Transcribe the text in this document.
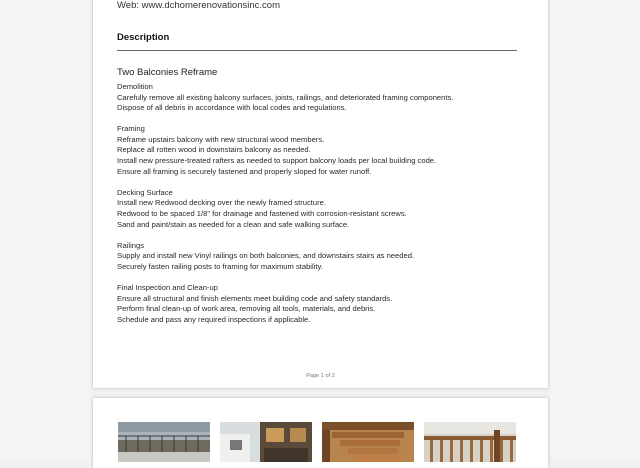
Web: www.dchomerenovationsinc.com
Description
Two Balconies Reframe
Demolition
Carefully remove all existing balcony surfaces, joists, railings, and deteriorated framing components.
Dispose of all debris in accordance with local codes and regulations.
Framing
Reframe upstairs balcony with new structural wood members.
Replace all rotten wood in downstairs balcony as needed.
Install new pressure-treated rafters as needed to support balcony loads per local building code.
Ensure all framing is securely fastened and properly sloped for water runoff.
Decking Surface
Install new Redwood decking over the newly framed structure.
Redwood to be spaced 1/8" for drainage and fastened with corrosion-resistant screws.
Sand and paint/stain as needed for a clean and safe walking surface.
Railings
Supply and install new Vinyl railings on both balconies, and downstairs stairs as needed.
Securely fasten railing posts to framing for maximum stability.
Final Inspection and Clean-up
Ensure all structural and finish elements meet building code and safety standards.
Perform final clean-up of work area, removing all tools, materials, and debris.
Schedule and pass any required inspections if applicable.
Page 1 of 2
